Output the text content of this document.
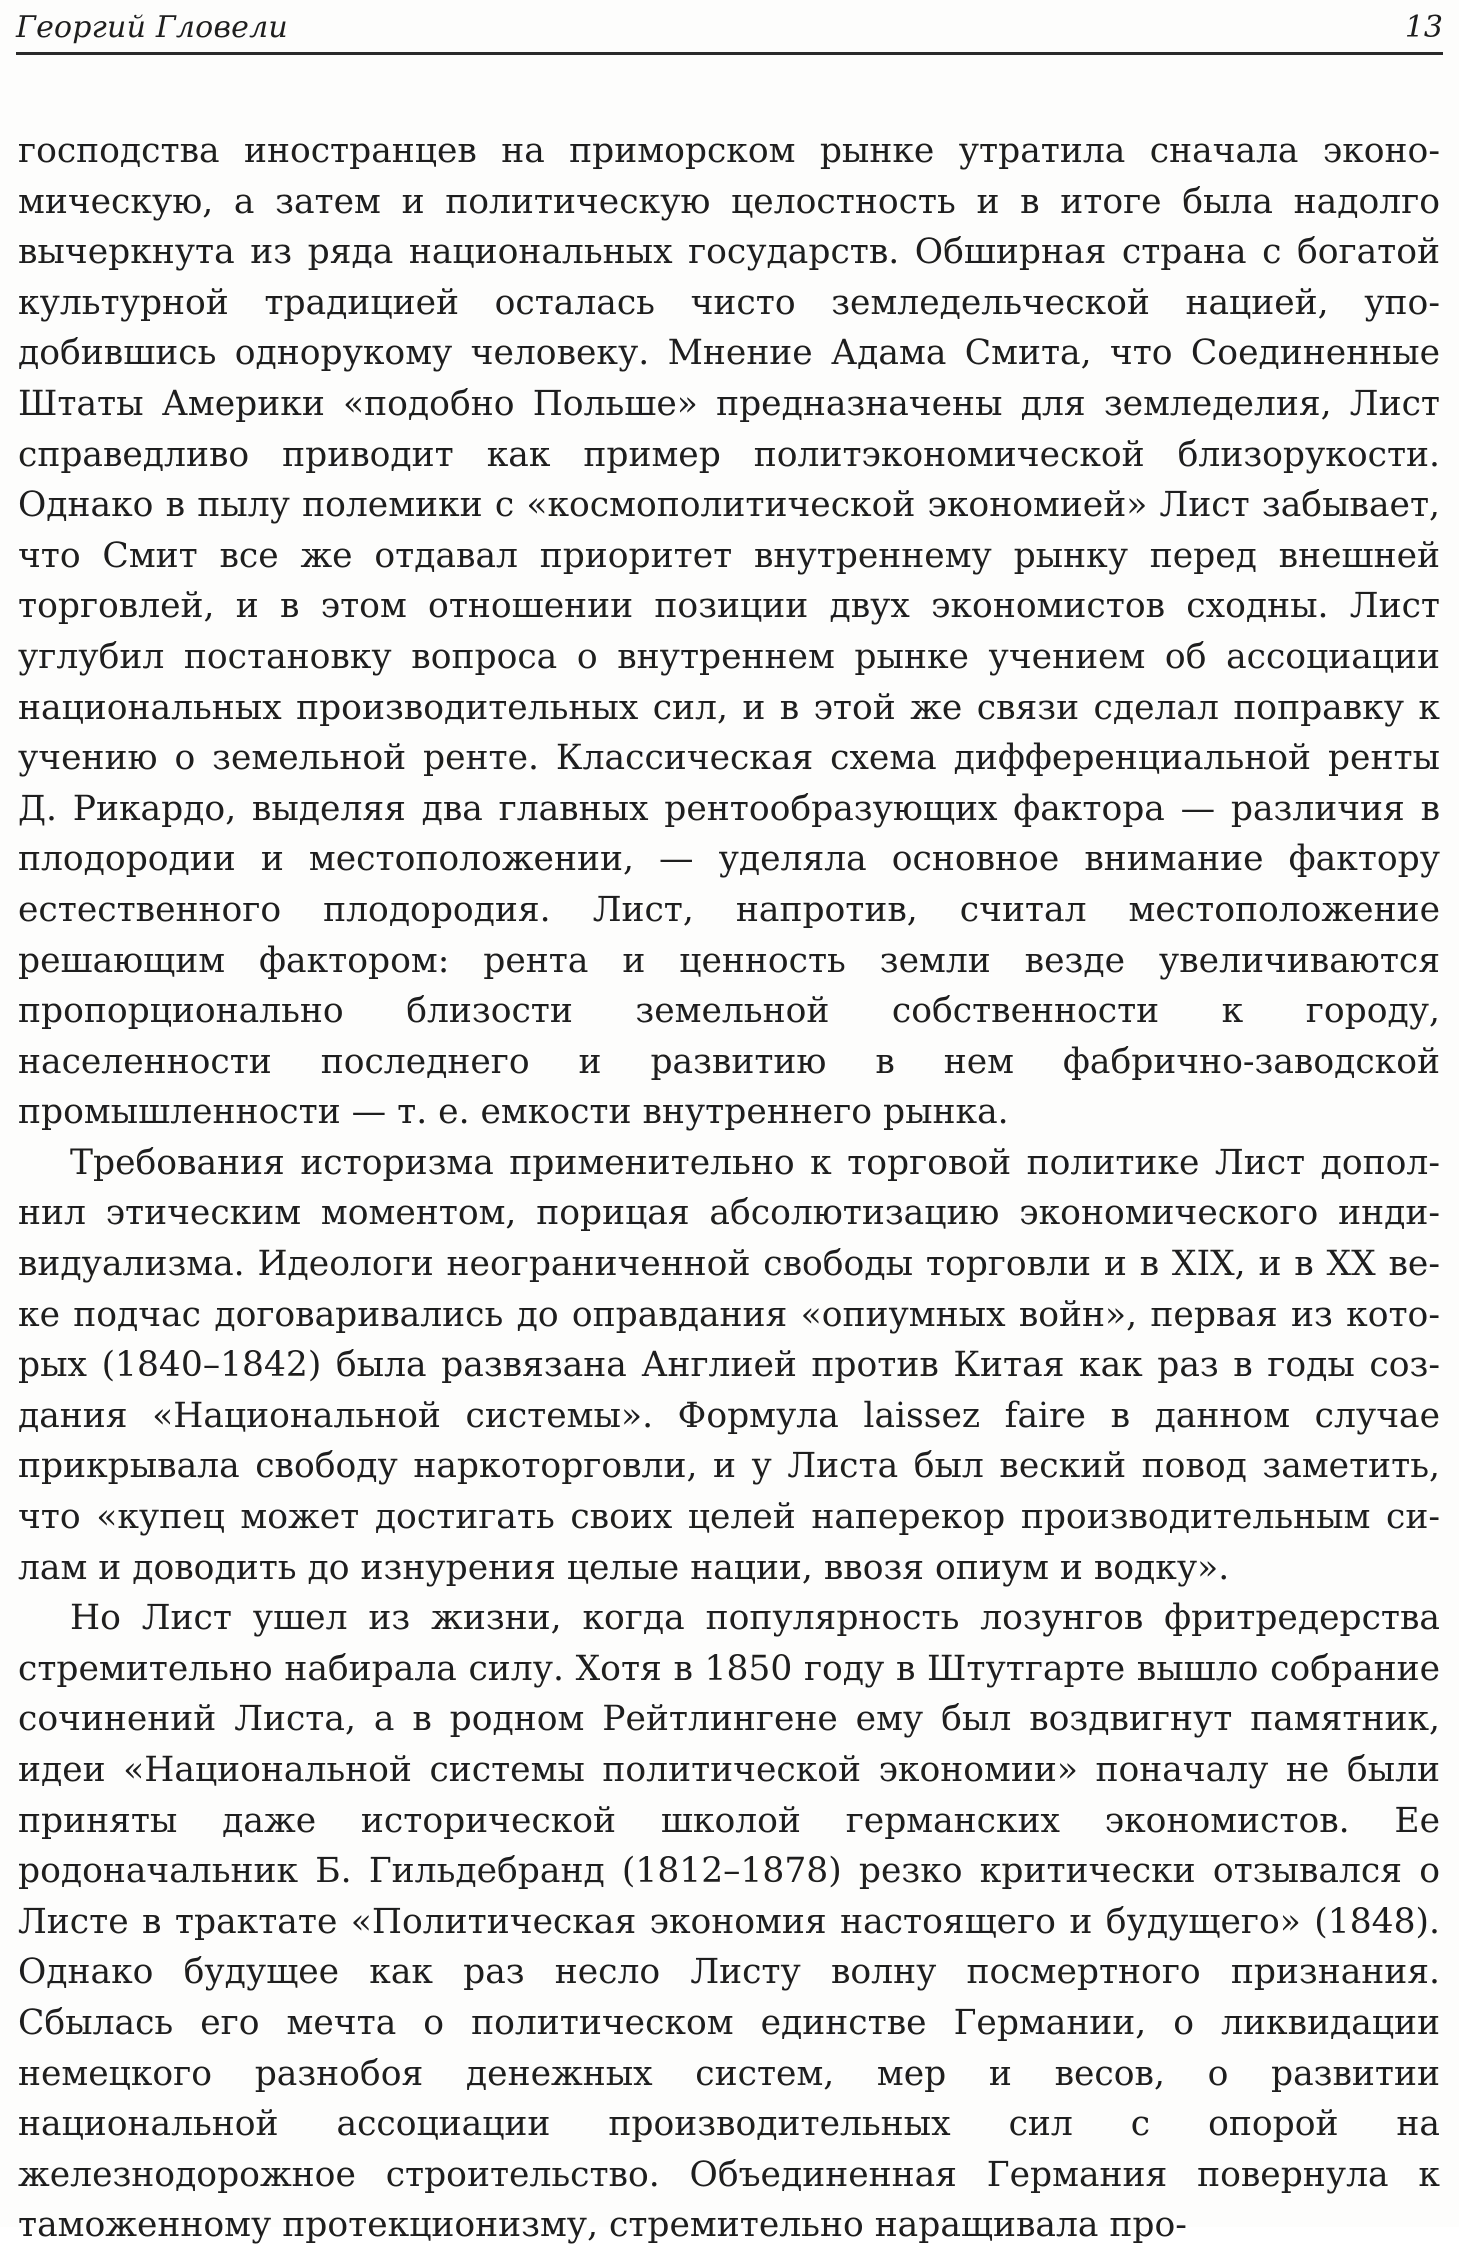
Георгий Гловели	13

господства иностранцев на приморском рынке утратила сначала экономическую, а затем и политическую целостность и в итоге была надолго вычеркнута из ряда национальных государств. Обширная страна с богатой культурной традицией осталась чисто земледельческой нацией, уподобившись однорукому человеку. Мнение Адама Смита, что Соединенные Штаты Америки «подобно Польше» предназначены для земледелия, Лист справедливо приводит как пример политэкономической близорукости. Однако в пылу полемики с «космополитической экономией» Лист забывает, что Смит все же отдавал приоритет внутреннему рынку перед внешней торговлей, и в этом отношении позиции двух экономистов сходны. Лист углубил постановку вопроса о внутреннем рынке учением об ассоциации национальных производительных сил, и в этой же связи сделал поправку к учению о земельной ренте. Классическая схема дифференциальной ренты Д. Рикардо, выделяя два главных рентообразующих фактора — различия в плодородии и местоположении, — уделяла основное внимание фактору естественного плодородия. Лист, напротив, считал местоположение решающим фактором: рента и ценность земли везде увеличиваются пропорционально близости земельной собственности к городу, населенности последнего и развитию в нем фабрично-заводской промышленности — т. е. емкости внутреннего рынка.

Требования историзма применительно к торговой политике Лист дополнил этическим моментом, порицая абсолютизацию экономического индивидуализма. Идеологи неограниченной свободы торговли и в XIX, и в XX веке подчас договаривались до оправдания «опиумных войн», первая из которых (1840–1842) была развязана Англией против Китая как раз в годы создания «Национальной системы». Формула laissez faire в данном случае прикрывала свободу наркоторговли, и у Листа был веский повод заметить, что «купец может достигать своих целей наперекор производительным силам и доводить до изнурения целые нации, ввозя опиум и водку».

Но Лист ушел из жизни, когда популярность лозунгов фритредерства стремительно набирала силу. Хотя в 1850 году в Штутгарте вышло собрание сочинений Листа, а в родном Рейтлингене ему был воздвигнут памятник, идеи «Национальной системы политической экономии» поначалу не были приняты даже исторической школой германских экономистов. Ее родоначальник Б. Гильдебранд (1812–1878) резко критически отзывался о Листе в трактате «Политическая экономия настоящего и будущего» (1848). Однако будущее как раз несло Листу волну посмертного признания. Сбылась его мечта о политическом единстве Германии, о ликвидации немецкого разнобоя денежных систем, мер и весов, о развитии национальной ассоциации производительных сил с опорой на железнодорожное строительство. Объединенная Германия повернула к таможенному протекционизму, стремительно наращивала про-
